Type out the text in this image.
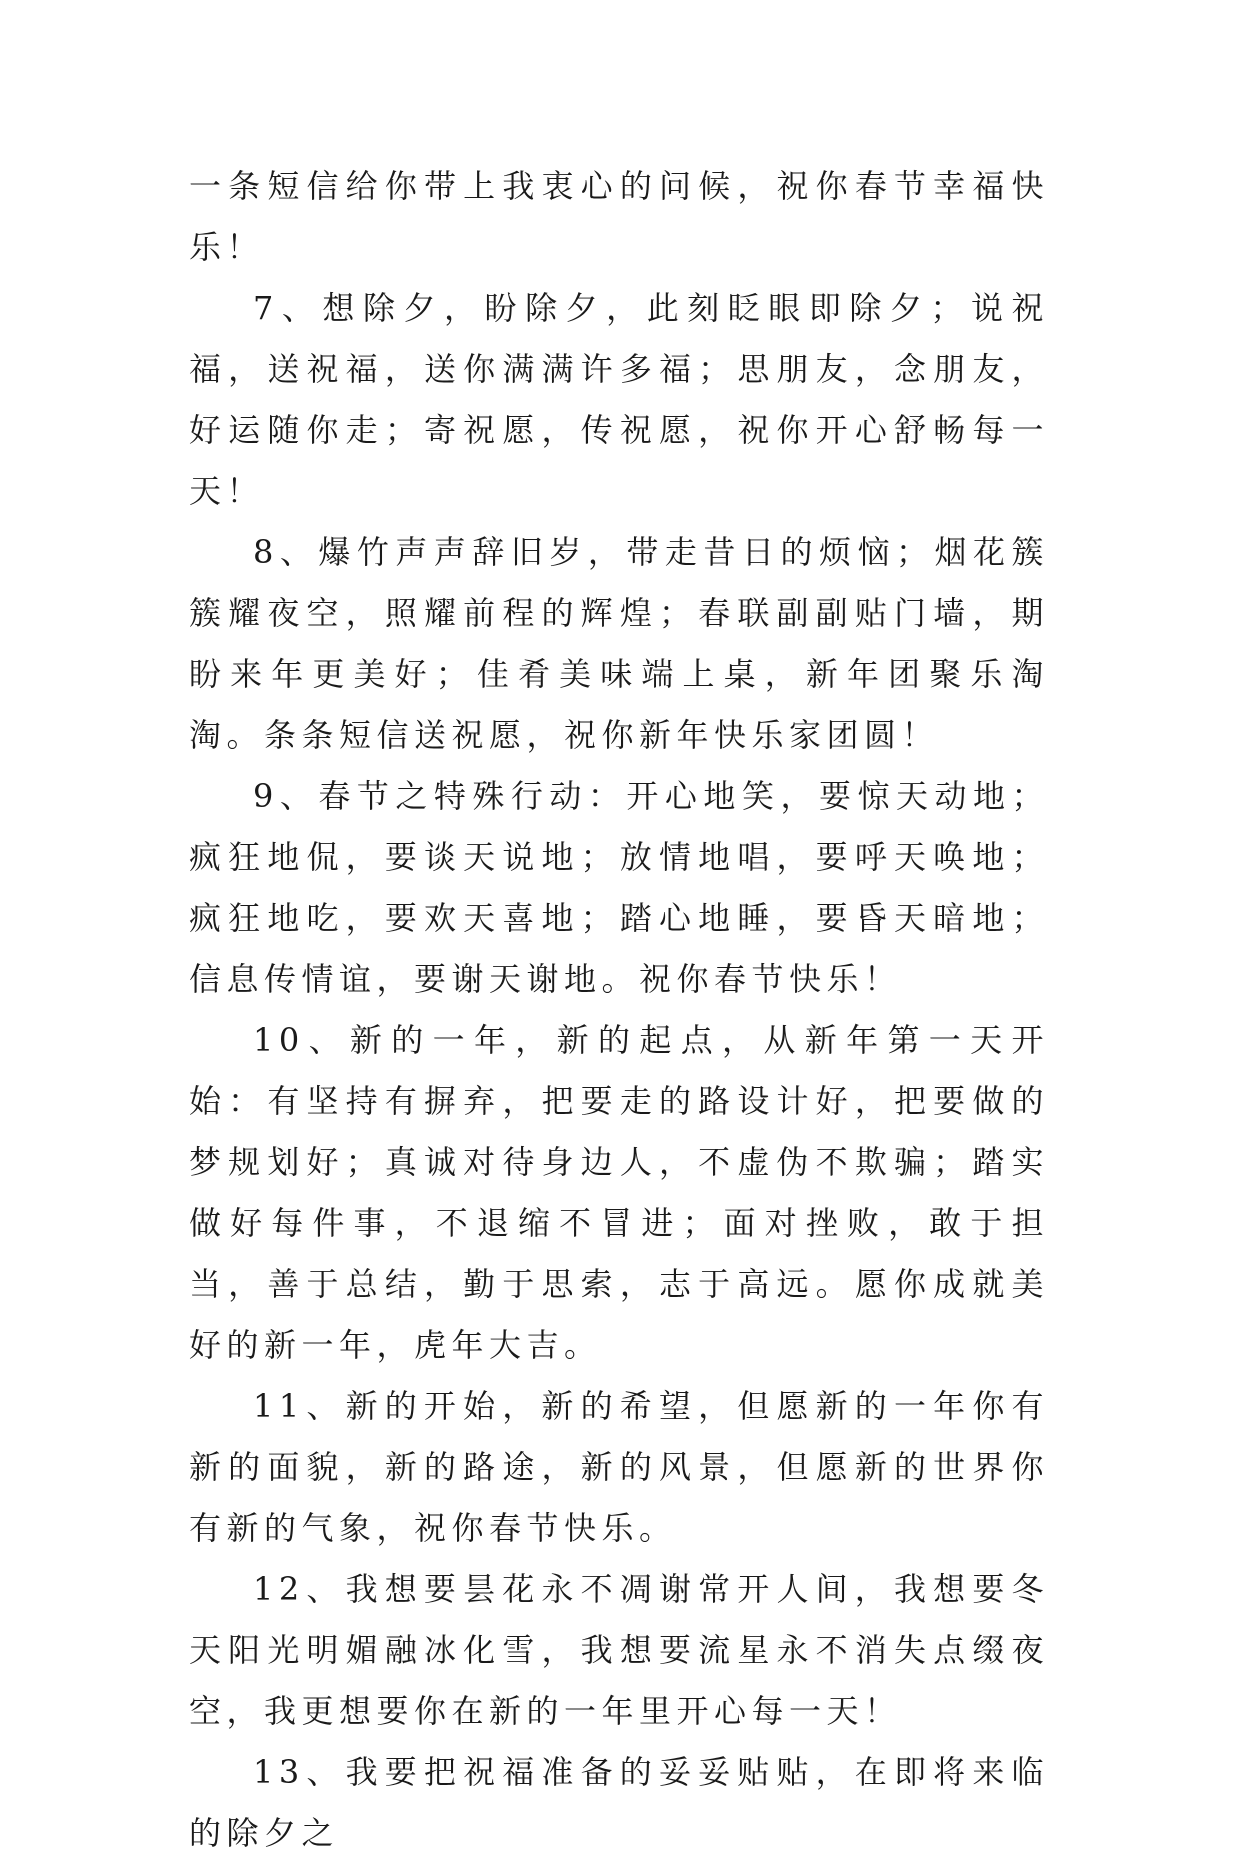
一条短信给你带上我衷心的问候，祝你春节幸福快乐！

7、想除夕，盼除夕，此刻眨眼即除夕；说祝福，送祝福，送你满满许多福；思朋友，念朋友，好运随你走；寄祝愿，传祝愿，祝你开心舒畅每一天！

8、爆竹声声辞旧岁，带走昔日的烦恼；烟花簇簇耀夜空，照耀前程的辉煌；春联副副贴门墙，期盼来年更美好；佳肴美味端上桌，新年团聚乐淘淘。条条短信送祝愿，祝你新年快乐家团圆！

9、春节之特殊行动：开心地笑，要惊天动地；疯狂地侃，要谈天说地；放情地唱，要呼天唤地；疯狂地吃，要欢天喜地；踏心地睡，要昏天暗地；信息传情谊，要谢天谢地。祝你春节快乐！

10、新的一年，新的起点，从新年第一天开始：有坚持有摒弃，把要走的路设计好，把要做的梦规划好；真诚对待身边人，不虚伪不欺骗；踏实做好每件事，不退缩不冒进；面对挫败，敢于担当，善于总结，勤于思索，志于高远。愿你成就美好的新一年，虎年大吉。

11、新的开始，新的希望，但愿新的一年你有新的面貌，新的路途，新的风景，但愿新的世界你有新的气象，祝你春节快乐。

12、我想要昙花永不凋谢常开人间，我想要冬天阳光明媚融冰化雪，我想要流星永不消失点缀夜空，我更想要你在新的一年里开心每一天！

13、我要把祝福准备的妥妥贴贴，在即将来临的除夕之
